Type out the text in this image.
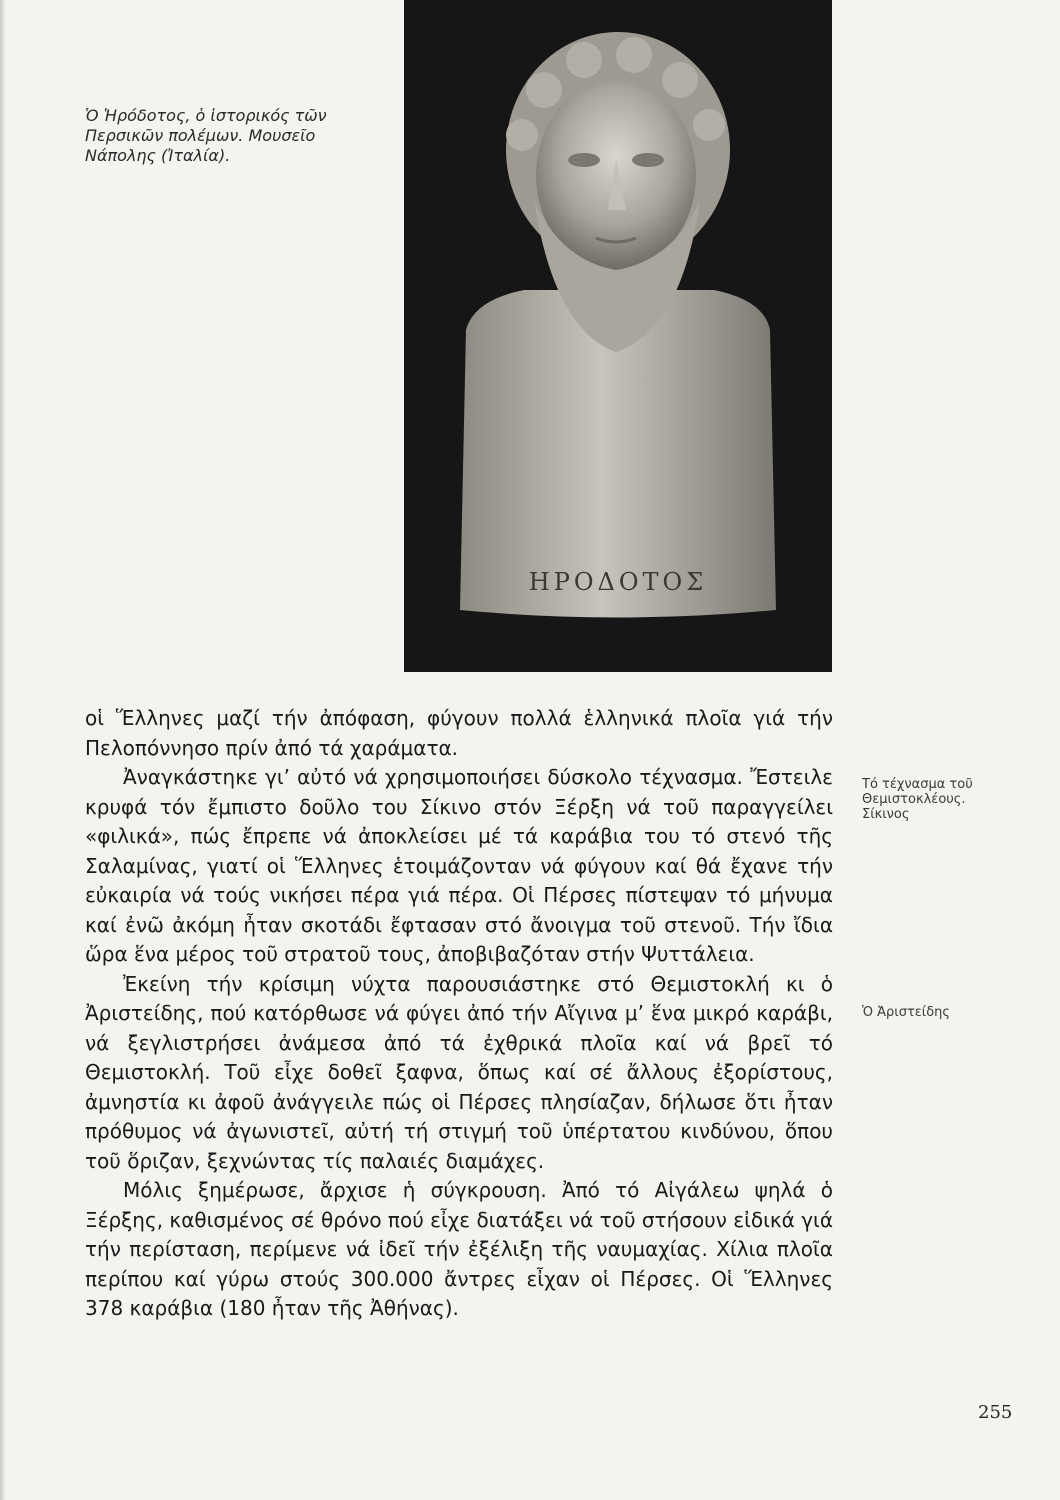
Ὁ Ἡρόδοτος, ὁ ἱστορικός τῶν Περσικῶν πολέμων. Μουσεῖο Νάπολης (Ἰταλία).
ΗΡΟΔΟΤΟΣ

οἱ Ἕλληνες μαζί τήν ἀπόφαση, φύγουν πολλά ἑλληνικά πλοῖα γιά τήν Πελοπόννησο πρίν ἀπό τά χαράματα.

Ἀναγκάστηκε γι’ αὐτό νά χρησιμοποιήσει δύσκολο τέχνασμα. Ἔστειλε κρυφά τόν ἔμπιστο δοῦλο του Σίκινο στόν Ξέρξη νά τοῦ παραγγείλει «φιλικά», πώς ἔπρεπε νά ἀποκλείσει μέ τά καράβια του τό στενό τῆς Σαλαμίνας, γιατί οἱ Ἕλληνες ἑτοιμάζονταν νά φύγουν καί θά ἔχανε τήν εὐκαιρία νά τούς νικήσει πέρα γιά πέρα. Οἱ Πέρσες πίστεψαν τό μήνυμα καί ἐνῶ ἀκόμη ἦταν σκοτάδι ἔφτασαν στό ἄνοιγμα τοῦ στενοῦ. Τήν ἴδια ὥρα ἕνα μέρος τοῦ στρατοῦ τους, ἀποβιβαζόταν στήν Ψυττάλεια.

Ἐκείνη τήν κρίσιμη νύχτα παρουσιάστηκε στό Θεμιστοκλή κι ὁ Ἀριστείδης, πού κατόρθωσε νά φύγει ἀπό τήν Αἴγινα μ’ ἕνα μικρό καράβι, νά ξεγλιστρήσει ἀνάμεσα ἀπό τά ἐχθρικά πλοῖα καί νά βρεῖ τό Θεμιστοκλή. Τοῦ εἶχε δοθεῖ ξαφνα, ὅπως καί σέ ἄλλους ἐξορίστους, ἀμνηστία κι ἀφοῦ ἀνάγγειλε πώς οἱ Πέρσες πλησίαζαν, δήλωσε ὅτι ἦταν πρόθυμος νά ἀγωνιστεῖ, αὐτή τή στιγμή τοῦ ὑπέρτατου κινδύνου, ὅπου τοῦ ὅριζαν, ξεχνώντας τίς παλαιές διαμάχες.

Μόλις ξημέρωσε, ἄρχισε ἡ σύγκρουση. Ἀπό τό Αἰγάλεω ψηλά ὁ Ξέρξης, καθισμένος σέ θρόνο πού εἶχε διατάξει νά τοῦ στήσουν εἰδικά γιά τήν περίσταση, περίμενε νά ἰδεῖ τήν ἐξέλιξη τῆς ναυμαχίας. Χίλια πλοῖα περίπου καί γύρω στούς 300.000 ἄντρες εἶχαν οἱ Πέρσες. Οἱ Ἕλληνες 378 καράβια (180 ἦταν τῆς Ἀθήνας).

Τό τέχνασμα τοῦ Θεμιστοκλέους. Σίκινος
Ὁ Ἀριστείδης
255
